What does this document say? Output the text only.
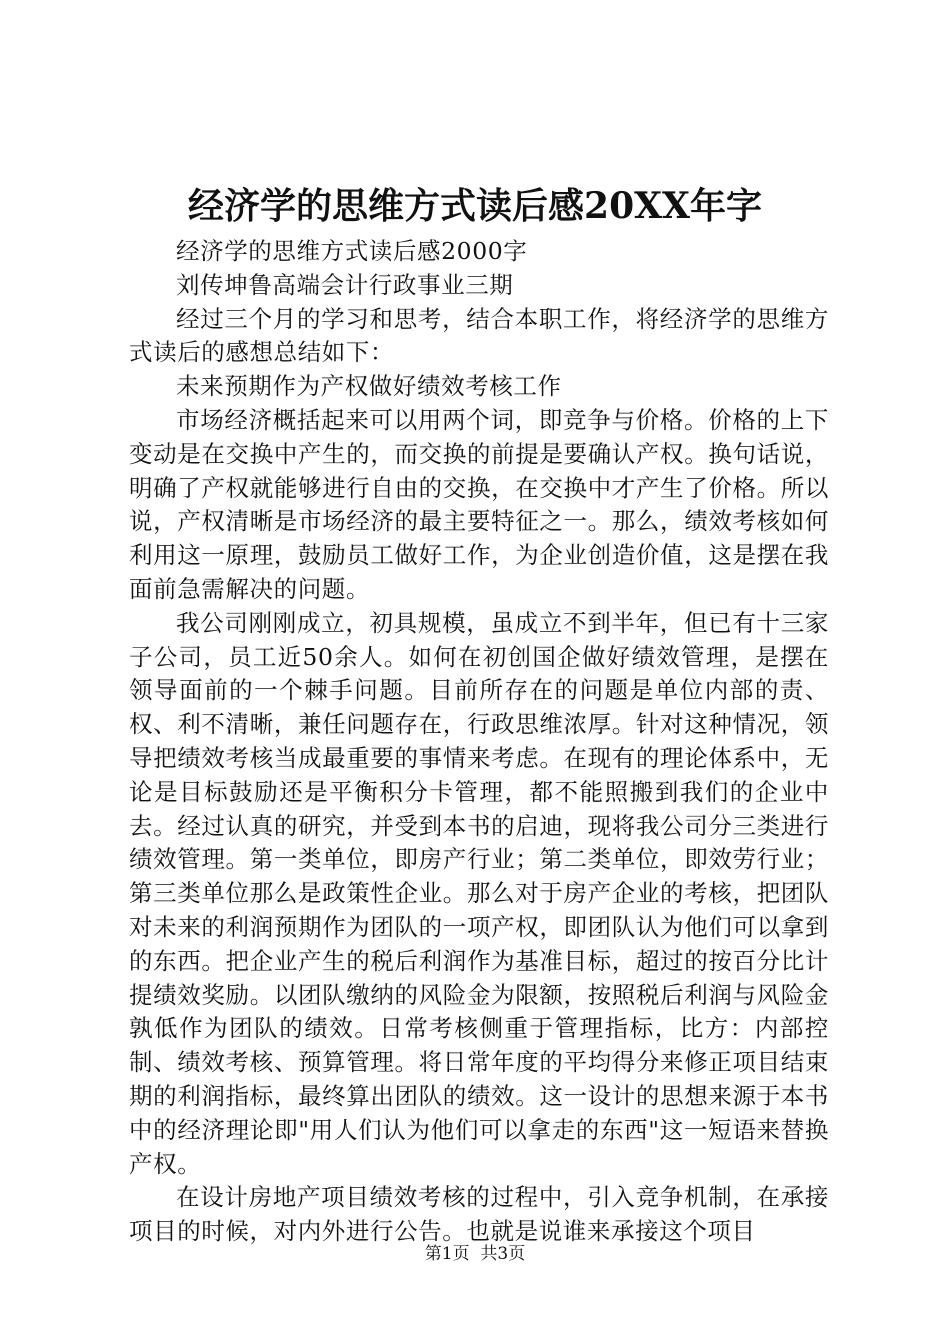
经济学的思维方式读后感20XX年字

经济学的思维方式读后感2000字

刘传坤鲁高端会计行政事业三期

经过三个月的学习和思考，结合本职工作，将经济学的思维方式读后的感想总结如下：

未来预期作为产权做好绩效考核工作

市场经济概括起来可以用两个词，即竞争与价格。价格的上下变动是在交换中产生的，而交换的前提是要确认产权。换句话说，明确了产权就能够进行自由的交换，在交换中才产生了价格。所以说，产权清晰是市场经济的最主要特征之一。那么，绩效考核如何利用这一原理，鼓励员工做好工作，为企业创造价值，这是摆在我面前急需解决的问题。

我公司刚刚成立，初具规模，虽成立不到半年，但已有十三家子公司，员工近50余人。如何在初创国企做好绩效管理，是摆在领导面前的一个棘手问题。目前所存在的问题是单位内部的责、权、利不清晰，兼任问题存在，行政思维浓厚。针对这种情况，领导把绩效考核当成最重要的事情来考虑。在现有的理论体系中，无论是目标鼓励还是平衡积分卡管理，都不能照搬到我们的企业中去。经过认真的研究，并受到本书的启迪，现将我公司分三类进行绩效管理。第一类单位，即房产行业；第二类单位，即效劳行业；第三类单位那么是政策性企业。那么对于房产企业的考核，把团队对未来的利润预期作为团队的一项产权，即团队认为他们可以拿到的东西。把企业产生的税后利润作为基准目标，超过的按百分比计提绩效奖励。以团队缴纳的风险金为限额，按照税后利润与风险金孰低作为团队的绩效。日常考核侧重于管理指标，比方：内部控制、绩效考核、预算管理。将日常年度的平均得分来修正项目结束期的利润指标，最终算出团队的绩效。这一设计的思想来源于本书中的经济理论即"用人们认为他们可以拿走的东西"这一短语来替换产权。

在设计房地产项目绩效考核的过程中，引入竞争机制，在承接项目的时候，对内外进行公告。也就是说谁来承接这个项目

第1页 共3页
